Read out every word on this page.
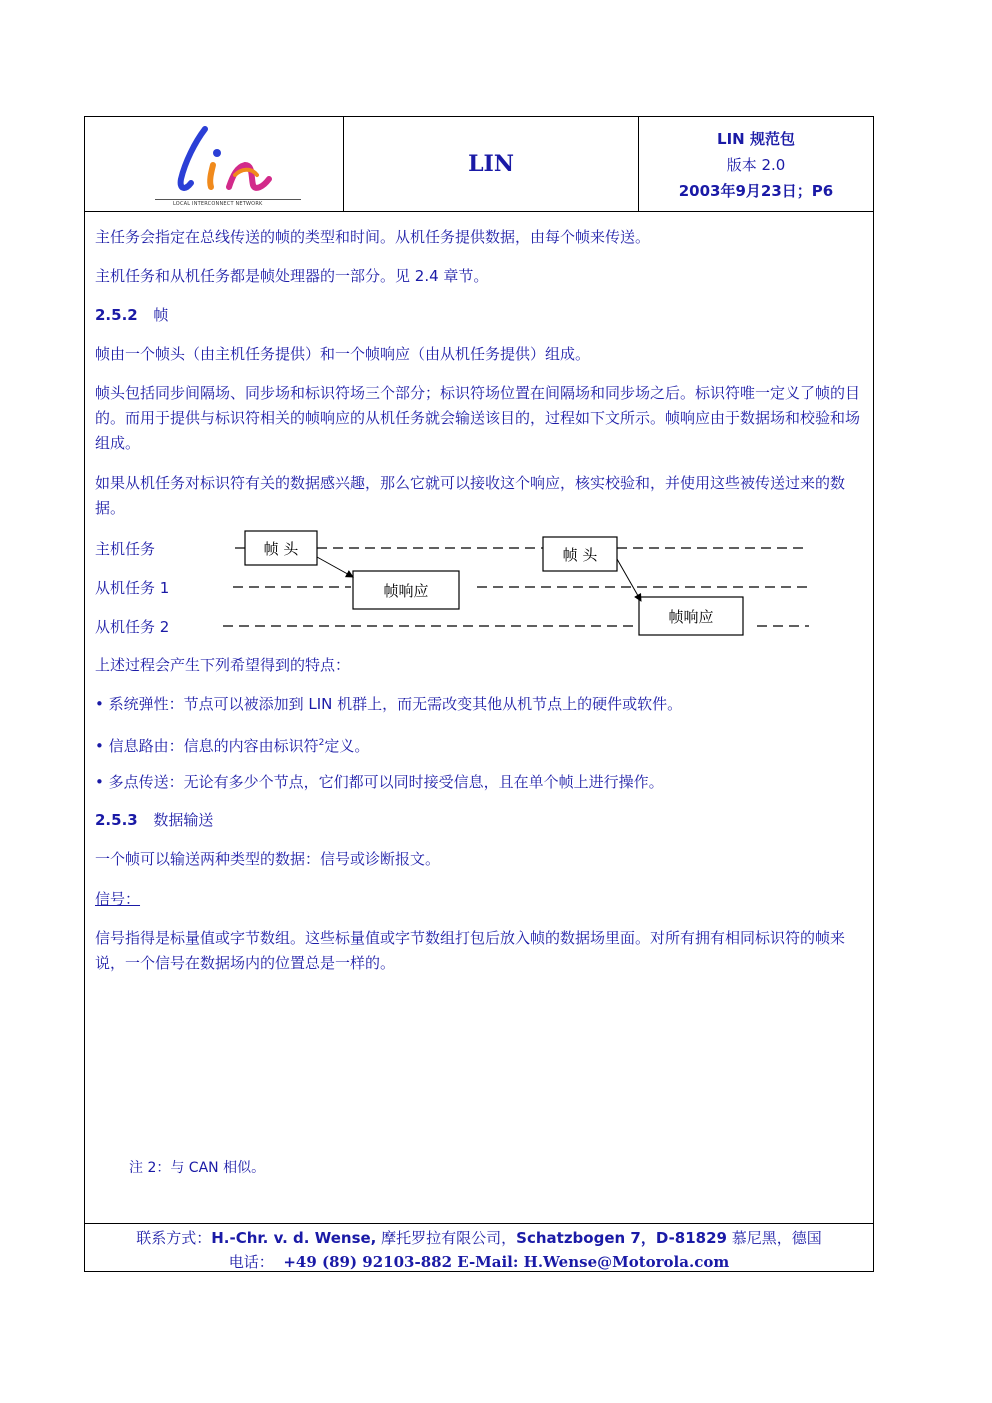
LOCAL INTERCONNECT NETWORK
LIN
LIN 规范包
版本 2.0
2003年9月23日；P6

主任务会指定在总线传送的帧的类型和时间。从机任务提供数据，由每个帧来传送。

主机任务和从机任务都是帧处理器的一部分。见 2.4 章节。

2.5.2 帧

帧由一个帧头（由主机任务提供）和一个帧响应（由从机任务提供）组成。

帧头包括同步间隔场、同步场和标识符场三个部分；标识符场位置在间隔场和同步场之后。标识符唯一定义了帧的目的。而用于提供与标识符相关的帧响应的从机任务就会输送该目的，过程如下文所示。帧响应由于数据场和校验和场组成。

如果从机任务对标识符有关的数据感兴趣，那么它就可以接收这个响应，核实校验和，并使用这些被传送过来的数据。

主机任务
从机任务 1
从机任务 2
帧 头	帧 头
帧响应
帧响应

上述过程会产生下列希望得到的特点：

• 系统弹性：节点可以被添加到 LIN 机群上，而无需改变其他从机节点上的硬件或软件。

• 信息路由：信息的内容由标识符$^2$定义。

• 多点传送：无论有多少个节点，它们都可以同时接受信息，且在单个帧上进行操作。

2.5.3 数据输送

一个帧可以输送两种类型的数据：信号或诊断报文。

信号：

信号指得是标量值或字节数组。这些标量值或字节数组打包后放入帧的数据场里面。对所有拥有相同标识符的帧来说，一个信号在数据场内的位置总是一样的。

注 2：与 CAN 相似。
联系方式：H.-Chr. v. d. Wense, 摩托罗拉有限公司，Schatzbogen 7，D-81829 慕尼黑，德国
电话： +49 (89) 92103-882 E-Mail: H.Wense@Motorola.com
